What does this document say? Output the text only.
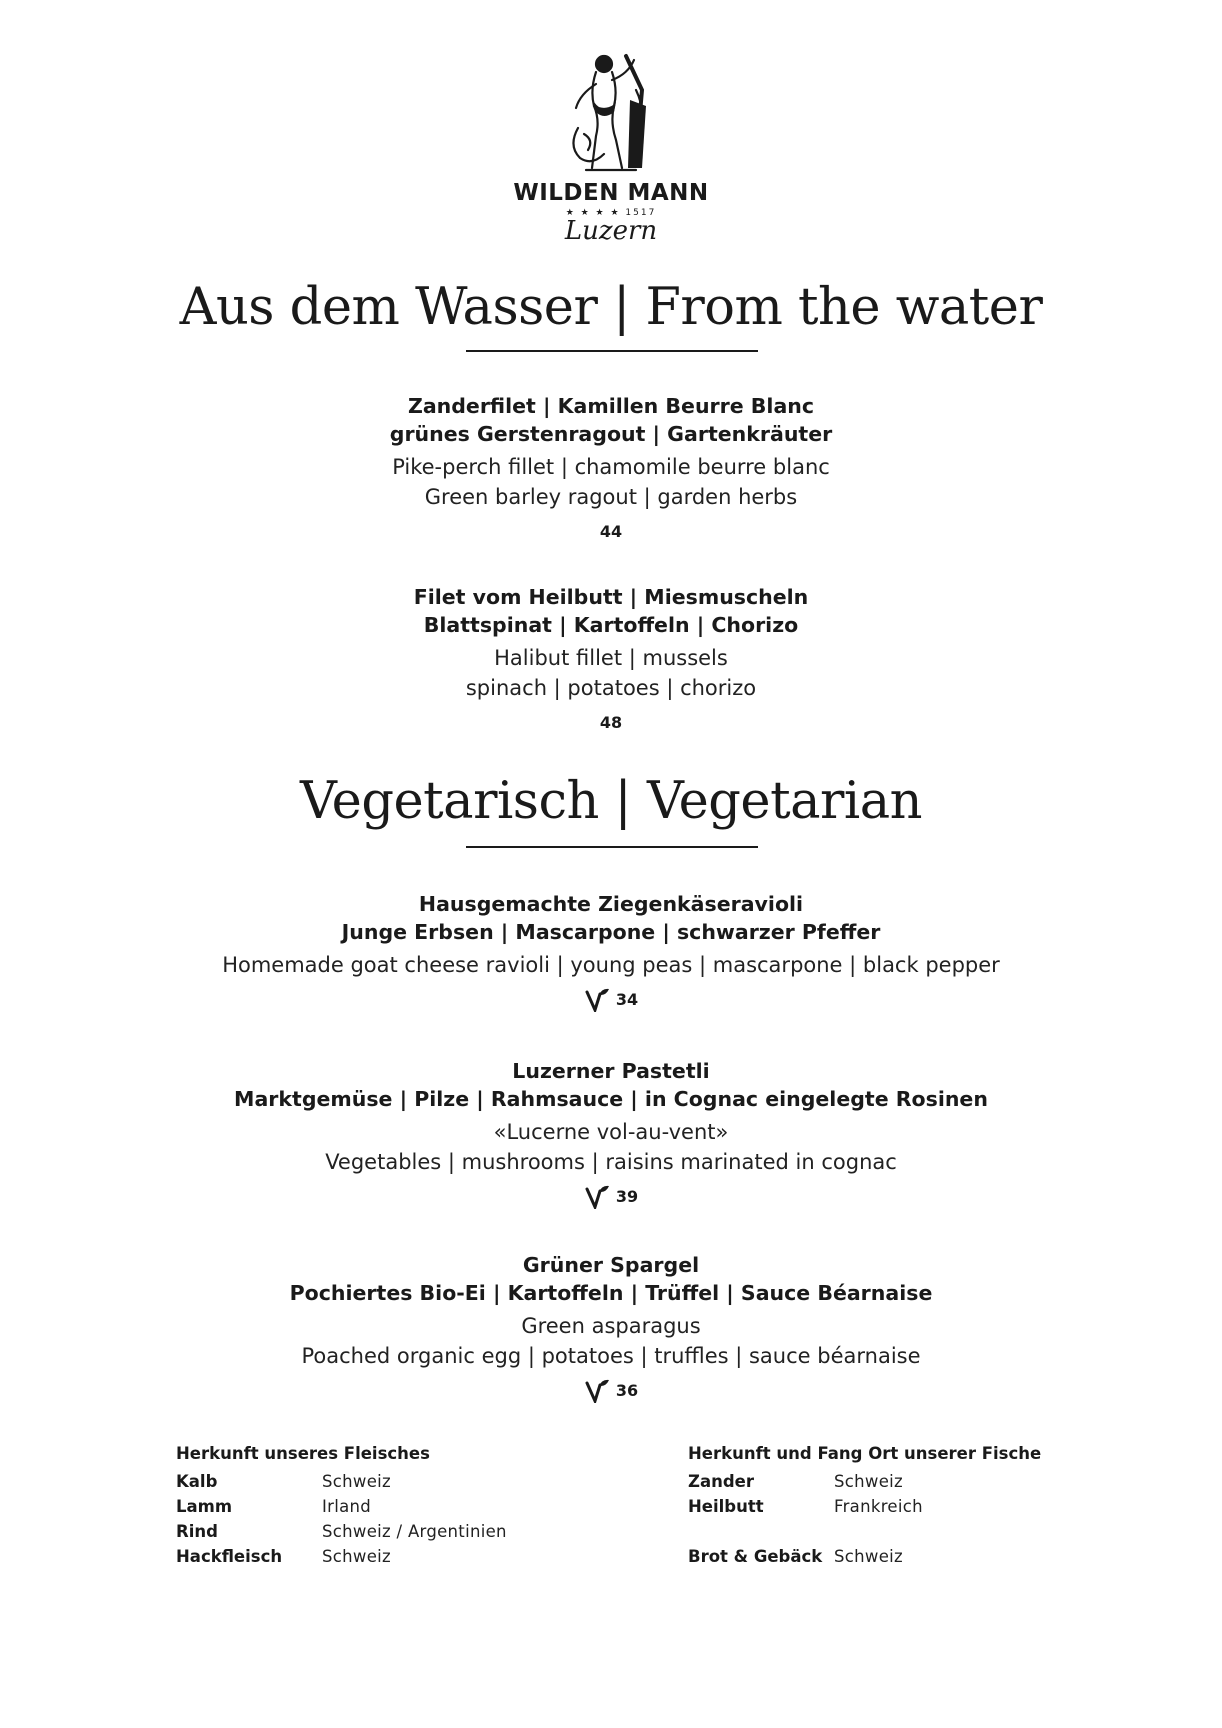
WILDEN MANN
★ ★ ★ ★ 1517
Luzern
Aus dem Wasser | From the water
Zanderfilet | Kamillen Beurre Blanc
grünes Gerstenragout | Gartenkräuter
Pike-perch fillet | chamomile beurre blanc
Green barley ragout | garden herbs
44
Filet vom Heilbutt | Miesmuscheln
Blattspinat | Kartoffeln | Chorizo
Halibut fillet | mussels
spinach | potatoes | chorizo
48
Vegetarisch | Vegetarian
Hausgemachte Ziegenkäseravioli
Junge Erbsen | Mascarpone | schwarzer Pfeffer
Homemade goat cheese ravioli | young peas | mascarpone | black pepper
34
Luzerner Pastetli
Marktgemüse | Pilze | Rahmsauce | in Cognac eingelegte Rosinen
«Lucerne vol-au-vent»
Vegetables | mushrooms | raisins marinated in cognac
39
Grüner Spargel
Pochiertes Bio-Ei | Kartoffeln | Trüffel | Sauce Béarnaise
Green asparagus
Poached organic egg | potatoes | truffles | sauce béarnaise
36
Herkunft unseres Fleisches
Kalb	Schweiz
Lamm	Irland
Rind	Schweiz / Argentinien
Hackfleisch	Schweiz
Herkunft und Fang Ort unserer Fische
Zander	Schweiz
Heilbutt	Frankreich
Brot & Gebäck Schweiz
